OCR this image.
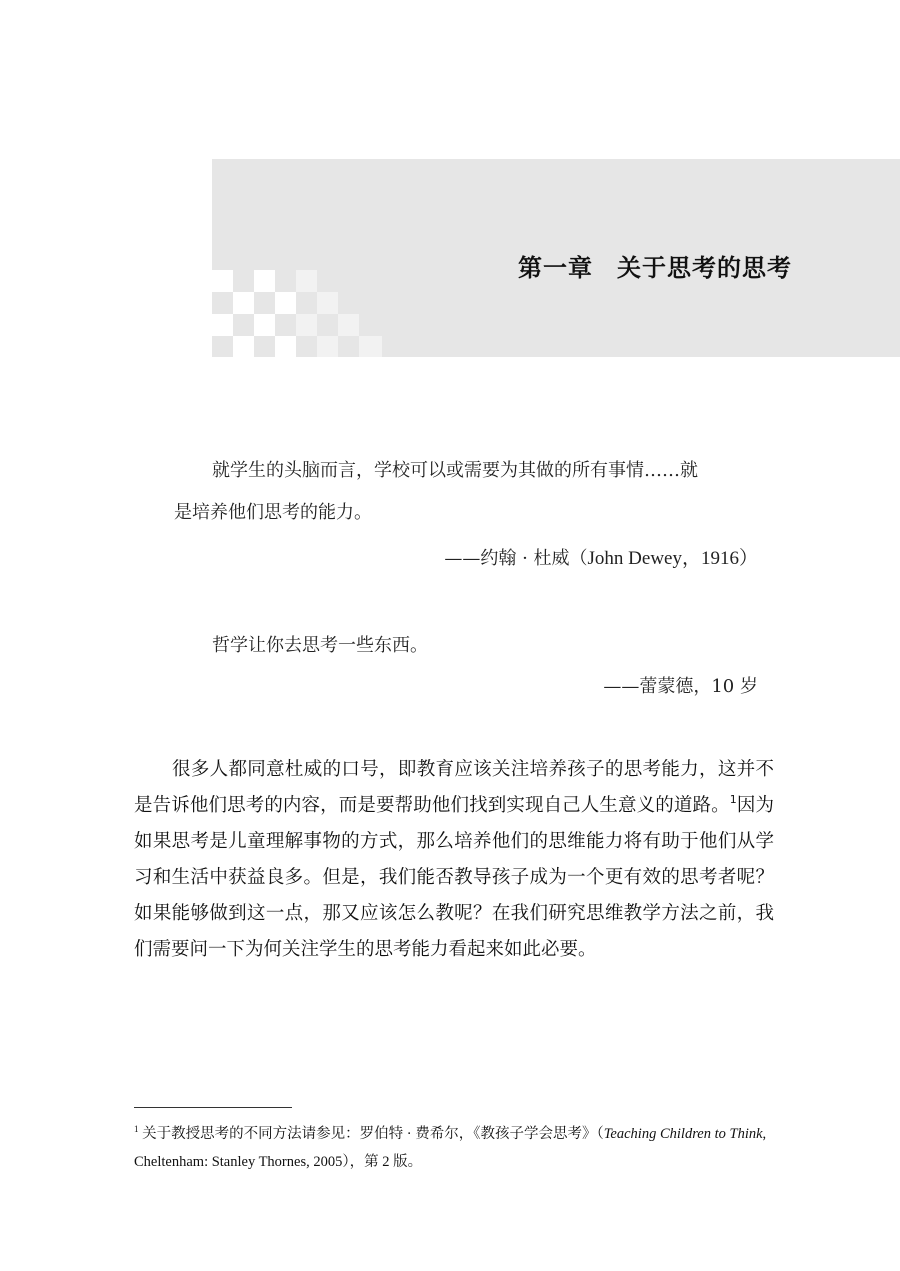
第一章 关于思考的思考
就学生的头脑而言，学校可以或需要为其做的所有事情……就
是培养他们思考的能力。
——约翰 · 杜威（John Dewey，1916）
哲学让你去思考一些东西。
——蕾蒙德，10 岁
很多人都同意杜威的口号，即教育应该关注培养孩子的思考能力，这并不是告诉他们思考的内容，而是要帮助他们找到实现自己人生意义的道路。$^1$因为如果思考是儿童理解事物的方式，那么培养他们的思维能力将有助于他们从学习和生活中获益良多。但是，我们能否教导孩子成为一个更有效的思考者呢？如果能够做到这一点，那又应该怎么教呢？在我们研究思维教学方法之前，我们需要问一下为何关注学生的思考能力看起来如此必要。
$^1$ 关于教授思考的不同方法请参见：罗伯特 · 费希尔，《教孩子学会思考》（Teaching Children to Think, Cheltenham: Stanley Thornes, 2005），第 2 版。
